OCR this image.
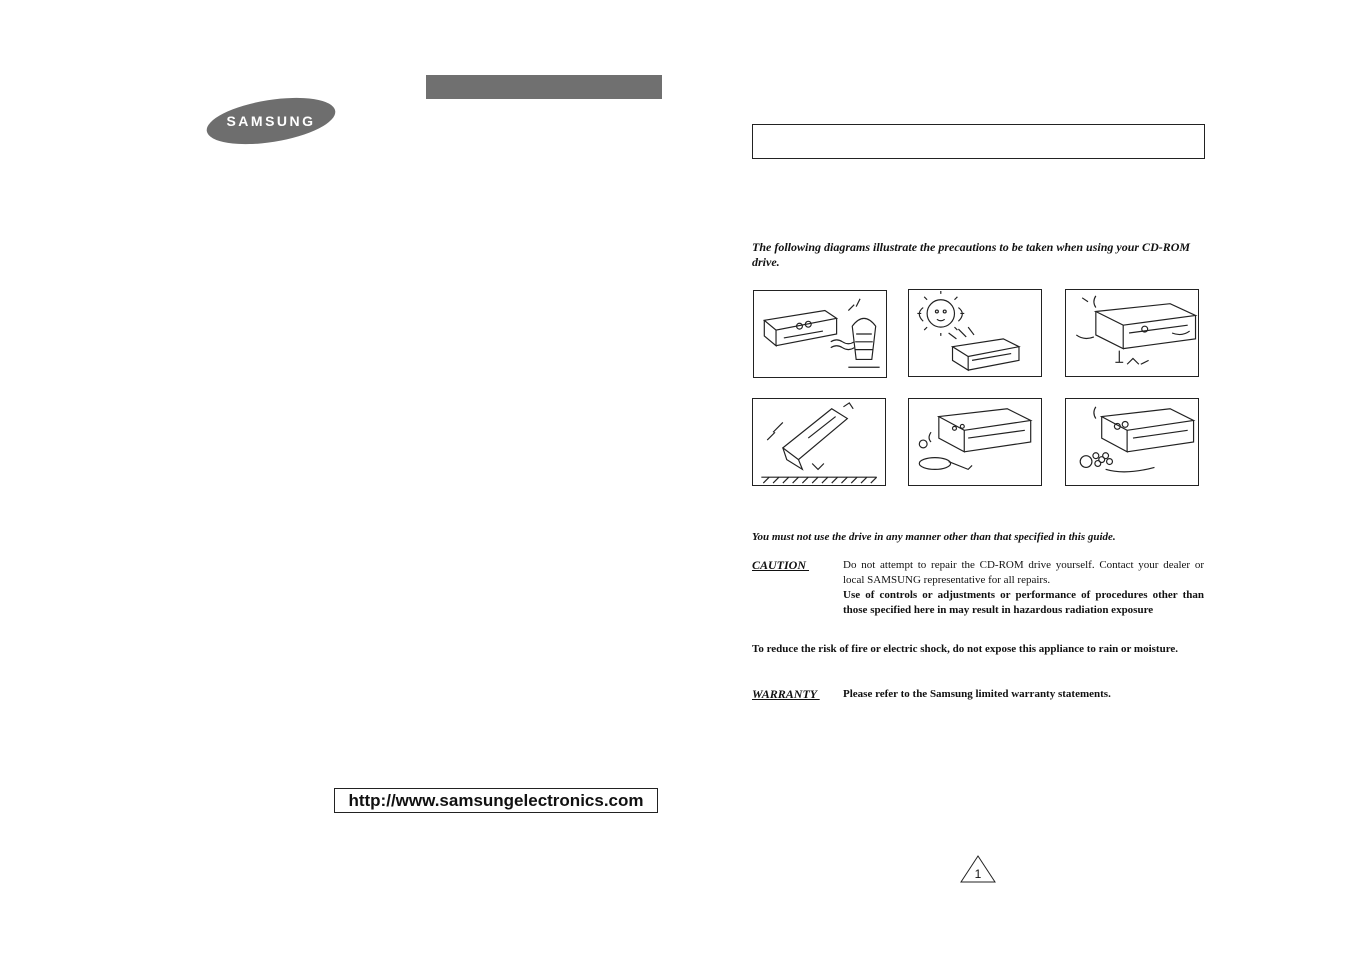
SAMSUNG
http://www.samsungelectronics.com
The following diagrams illustrate the precautions to be taken when using your CD-ROM drive.
You must not use the drive in any manner other than that specified in this guide.
CAUTION	Do not attempt to repair the CD-ROM drive yourself. Contact your dealer or local SAMSUNG representative for all repairs.
Use of controls or adjustments or performance of procedures other than those specified here in may result in hazardous radiation exposure
To reduce the risk of fire or electric shock, do not expose this appliance to rain or moisture.
WARRANTY Please refer to the Samsung limited warranty statements.
1
